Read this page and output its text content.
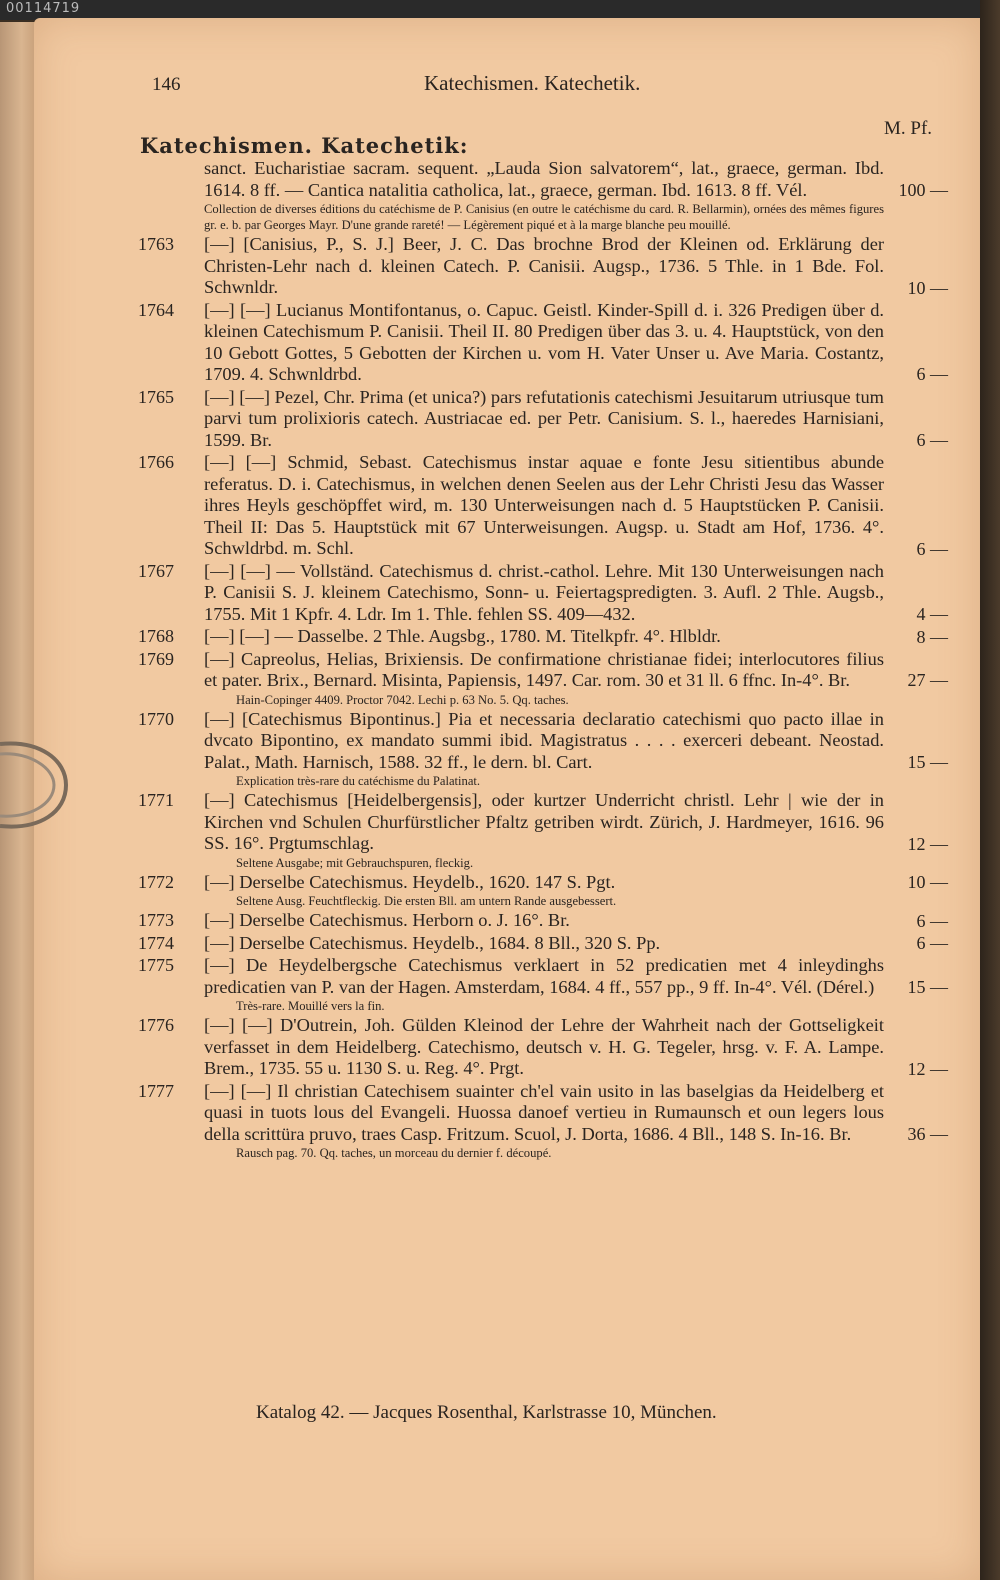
00114719
146	Katechismen. Katechetik.
M. Pf.
Katechismen. Katechetik:
sanct. Eucharistiae sacram. sequent. „Lauda Sion salvatorem“, lat., graece, german. Ibd. 1614. 8 ff. — Cantica natalitia catholica, lat., graece, german. Ibd. 1613. 8 ff. Vél.	100 —
Collection de diverses éditions du catéchisme de P. Canisius (en outre le catéchisme du card. R. Bellarmin), ornées des mêmes figures gr. e. b. par Georges Mayr. D'une grande rareté! — Légèrement piqué et à la marge blanche peu mouillé.
1763	[—] [Canisius, P., S. J.] Beer, J. C. Das brochne Brod der Kleinen od. Erklärung der Christen-Lehr nach d. kleinen Catech. P. Canisii. Augsp., 1736. 5 Thle. in 1 Bde. Fol. Schwnldr.	10 —
1764	[—] [—] Lucianus Montifontanus, o. Capuc. Geistl. Kinder-Spill d. i. 326 Predigen über d. kleinen Catechismum P. Canisii. Theil II. 80 Predigen über das 3. u. 4. Hauptstück, von den 10 Gebott Gottes, 5 Gebotten der Kirchen u. vom H. Vater Unser u. Ave Maria. Costantz, 1709. 4. Schwnldrbd.	6 —
1765	[—] [—] Pezel, Chr. Prima (et unica?) pars refutationis catechismi Jesuitarum utriusque tum parvi tum prolixioris catech. Austriacae ed. per Petr. Canisium. S. l., haeredes Harnisiani, 1599. Br.	6 —
1766	[—] [—] Schmid, Sebast. Catechismus instar aquae e fonte Jesu sitientibus abunde referatus. D. i. Catechismus, in welchen denen Seelen aus der Lehr Christi Jesu das Wasser ihres Heyls geschöpffet wird, m. 130 Unterweisungen nach d. 5 Hauptstücken P. Canisii. Theil II: Das 5. Hauptstück mit 67 Unterweisungen. Augsp. u. Stadt am Hof, 1736. 4°. Schwldrbd. m. Schl.	6 —
1767	[—] [—] — Vollständ. Catechismus d. christ.-cathol. Lehre. Mit 130 Unterweisungen nach P. Canisii S. J. kleinem Catechismo, Sonn- u. Feiertagspredigten. 3. Aufl. 2 Thle. Augsb., 1755. Mit 1 Kpfr. 4. Ldr. Im 1. Thle. fehlen SS. 409—432.	4 —
1768	[—] [—] — Dasselbe. 2 Thle. Augsbg., 1780. M. Titelkpfr. 4°. Hlbldr.	8 —
1769	[—] Capreolus, Helias, Brixiensis. De confirmatione christianae fidei; interlocutores filius et pater. Brix., Bernard. Misinta, Papiensis, 1497. Car. rom. 30 et 31 ll. 6 ffnc. In-4°. Br.	27 —
Hain-Copinger 4409. Proctor 7042. Lechi p. 63 No. 5. Qq. taches.
1770	[—] [Catechismus Bipontinus.] Pia et necessaria declaratio catechismi quo pacto illae in dvcato Bipontino, ex mandato summi ibid. Magistratus . . . . exerceri debeant. Neostad. Palat., Math. Harnisch, 1588. 32 ff., le dern. bl. Cart.	15 —
Explication très-rare du catéchisme du Palatinat.
1771	[—] Catechismus [Heidelbergensis], oder kurtzer Underricht christl. Lehr | wie der in Kirchen vnd Schulen Churfürstlicher Pfaltz getriben wirdt. Zürich, J. Hardmeyer, 1616. 96 SS. 16°. Prgtumschlag.	12 —
Seltene Ausgabe; mit Gebrauchspuren, fleckig.
1772	[—] Derselbe Catechismus. Heydelb., 1620. 147 S. Pgt.	10 —
Seltene Ausg. Feuchtfleckig. Die ersten Bll. am untern Rande ausgebessert.
1773	[—] Derselbe Catechismus. Herborn o. J. 16°. Br.	6 —
1774	[—] Derselbe Catechismus. Heydelb., 1684. 8 Bll., 320 S. Pp.	6 —
1775	[—] De Heydelbergsche Catechismus verklaert in 52 predicatien met 4 inleydinghs predicatien van P. van der Hagen. Amsterdam, 1684. 4 ff., 557 pp., 9 ff. In-4°. Vél. (Dérel.)	15 —
Très-rare. Mouillé vers la fin.
1776	[—] [—] D'Outrein, Joh. Gülden Kleinod der Lehre der Wahrheit nach der Gottseligkeit verfasset in dem Heidelberg. Catechismo, deutsch v. H. G. Tegeler, hrsg. v. F. A. Lampe. Brem., 1735. 55 u. 1130 S. u. Reg. 4°. Prgt.	12 —
1777	[—] [—] Il christian Catechisem suainter ch'el vain usito in las baselgias da Heidelberg et quasi in tuots lous del Evangeli. Huossa danoef vertieu in Rumaunsch et oun legers lous della scrittüra pruvo, traes Casp. Fritzum. Scuol, J. Dorta, 1686. 4 Bll., 148 S. In-16. Br.	36 —
Rausch pag. 70. Qq. taches, un morceau du dernier f. découpé.
Katalog 42. — Jacques Rosenthal, Karlstrasse 10, München.
